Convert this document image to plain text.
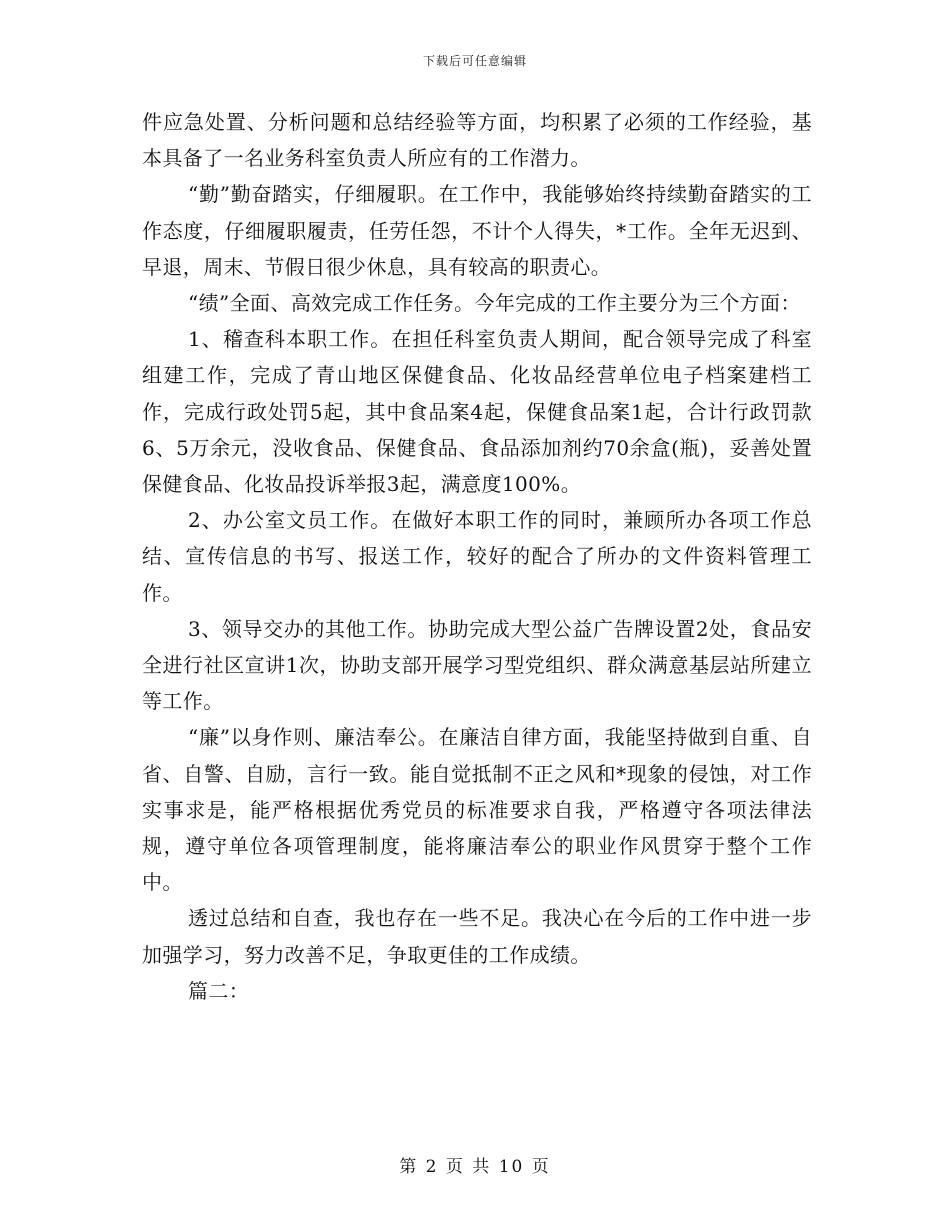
下载后可任意编辑

件应急处置、分析问题和总结经验等方面，均积累了必须的工作经验，基本具备了一名业务科室负责人所应有的工作潜力。

“勤”勤奋踏实，仔细履职。在工作中，我能够始终持续勤奋踏实的工作态度，仔细履职履责，任劳任怨，不计个人得失，*工作。全年无迟到、早退，周末、节假日很少休息，具有较高的职责心。

“绩”全面、高效完成工作任务。今年完成的工作主要分为三个方面：

1、稽查科本职工作。在担任科室负责人期间，配合领导完成了科室组建工作，完成了青山地区保健食品、化妆品经营单位电子档案建档工作，完成行政处罚5起，其中食品案4起，保健食品案1起，合计行政罚款6、5万余元，没收食品、保健食品、食品添加剂约70余盒(瓶)，妥善处置保健食品、化妆品投诉举报3起，满意度100%。

2、办公室文员工作。在做好本职工作的同时，兼顾所办各项工作总结、宣传信息的书写、报送工作，较好的配合了所办的文件资料管理工作。

3、领导交办的其他工作。协助完成大型公益广告牌设置2处，食品安全进行社区宣讲1次，协助支部开展学习型党组织、群众满意基层站所建立等工作。

“廉”以身作则、廉洁奉公。在廉洁自律方面，我能坚持做到自重、自省、自警、自励，言行一致。能自觉抵制不正之风和*现象的侵蚀，对工作实事求是，能严格根据优秀党员的标准要求自我，严格遵守各项法律法规，遵守单位各项管理制度，能将廉洁奉公的职业作风贯穿于整个工作中。

透过总结和自查，我也存在一些不足。我决心在今后的工作中进一步加强学习，努力改善不足，争取更佳的工作成绩。

篇二：

第 2 页 共 10 页
